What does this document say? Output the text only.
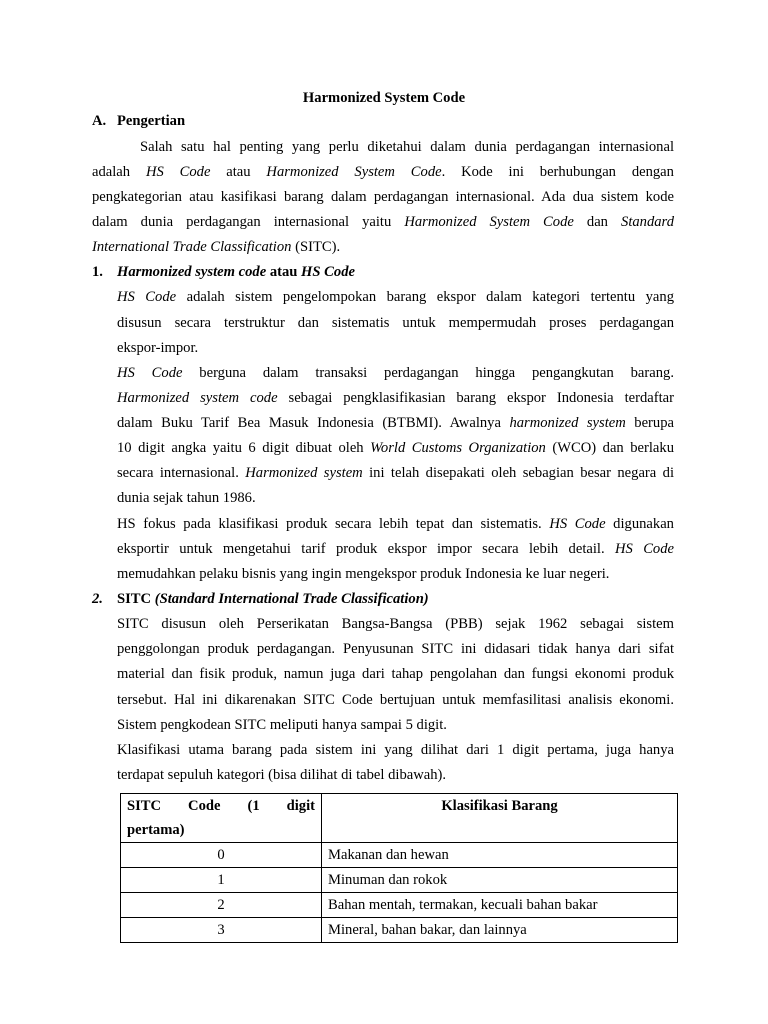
Harmonized System Code
A. Pengertian
Salah satu hal penting yang perlu diketahui dalam dunia perdagangan internasional
adalah HS Code atau Harmonized System Code. Kode ini berhubungan dengan
pengkategorian atau kasifikasi barang dalam perdagangan internasional. Ada dua sistem kode
dalam dunia perdagangan internasional yaitu Harmonized System Code dan Standard
International Trade Classification (SITC).
1. Harmonized system code atau HS Code
HS Code adalah sistem pengelompokan barang ekspor dalam kategori tertentu yang
disusun secara terstruktur dan sistematis untuk mempermudah proses perdagangan
ekspor-impor.
HS Code berguna dalam transaksi perdagangan hingga pengangkutan barang.
Harmonized system code sebagai pengklasifikasian barang ekspor Indonesia terdaftar
dalam Buku Tarif Bea Masuk Indonesia (BTBMI). Awalnya harmonized system berupa
10 digit angka yaitu 6 digit dibuat oleh World Customs Organization (WCO) dan berlaku
secara internasional. Harmonized system ini telah disepakati oleh sebagian besar negara di
dunia sejak tahun 1986.
HS fokus pada klasifikasi produk secara lebih tepat dan sistematis. HS Code digunakan
eksportir untuk mengetahui tarif produk ekspor impor secara lebih detail. HS Code
memudahkan pelaku bisnis yang ingin mengekspor produk Indonesia ke luar negeri.
2. SITC (Standard International Trade Classification)
SITC disusun oleh Perserikatan Bangsa-Bangsa (PBB) sejak 1962 sebagai sistem
penggolongan produk perdagangan. Penyusunan SITC ini didasari tidak hanya dari sifat
material dan fisik produk, namun juga dari tahap pengolahan dan fungsi ekonomi produk
tersebut. Hal ini dikarenakan SITC Code bertujuan untuk memfasilitasi analisis ekonomi.
Sistem pengkodean SITC meliputi hanya sampai 5 digit.
Klasifikasi utama barang pada sistem ini yang dilihat dari 1 digit pertama, juga hanya
terdapat sepuluh kategori (bisa dilihat di tabel dibawah).
SITC Code (1 digit
pertama)	Klasifikasi Barang
0	Makanan dan hewan
1	Minuman dan rokok
2	Bahan mentah, termakan, kecuali bahan bakar
3	Mineral, bahan bakar, dan lainnya
